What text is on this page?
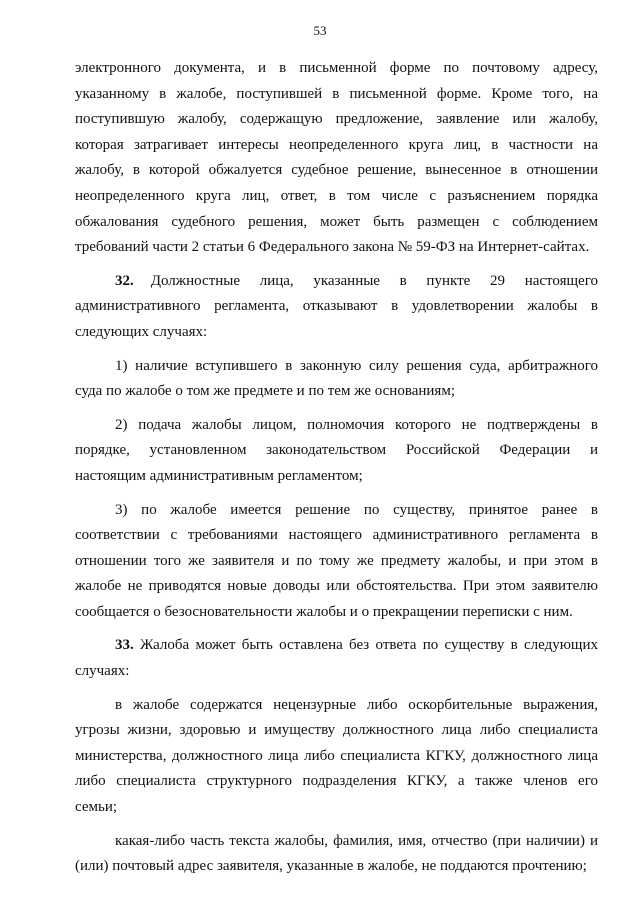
53
электронного документа, и в письменной форме по почтовому адресу,
указанному в жалобе, поступившей в письменной форме. Кроме того, на
поступившую жалобу, содержащую предложение, заявление или жалобу,
которая затрагивает интересы неопределенного круга лиц, в частности на
жалобу, в которой обжалуется судебное решение, вынесенное в отношении
неопределенного круга лиц, ответ, в том числе с разъяснением порядка
обжалования судебного решения, может быть размещен с соблюдением
требований части 2 статьи 6 Федерального закона № 59-ФЗ на Интернет-сайтах.
32. Должностные лица, указанные в пункте 29 настоящего
административного регламента, отказывают в удовлетворении жалобы в
следующих случаях:
1) наличие вступившего в законную силу решения суда, арбитражного
суда по жалобе о том же предмете и по тем же основаниям;
2) подача жалобы лицом, полномочия которого не подтверждены в
порядке, установленном законодательством Российской Федерации и
настоящим административным регламентом;
3) по жалобе имеется решение по существу, принятое ранее в
соответствии с требованиями настоящего административного регламента в
отношении того же заявителя и по тому же предмету жалобы, и при этом в
жалобе не приводятся новые доводы или обстоятельства. При этом заявителю
сообщается о безосновательности жалобы и о прекращении переписки с ним.
33. Жалоба может быть оставлена без ответа по существу в следующих
случаях:
в жалобе содержатся нецензурные либо оскорбительные выражения,
угрозы жизни, здоровью и имуществу должностного лица либо специалиста
министерства, должностного лица либо специалиста КГКУ, должностного лица
либо специалиста структурного подразделения КГКУ, а также членов его
семьи;
какая-либо часть текста жалобы, фамилия, имя, отчество (при наличии) и
(или) почтовый адрес заявителя, указанные в жалобе, не поддаются прочтению;
